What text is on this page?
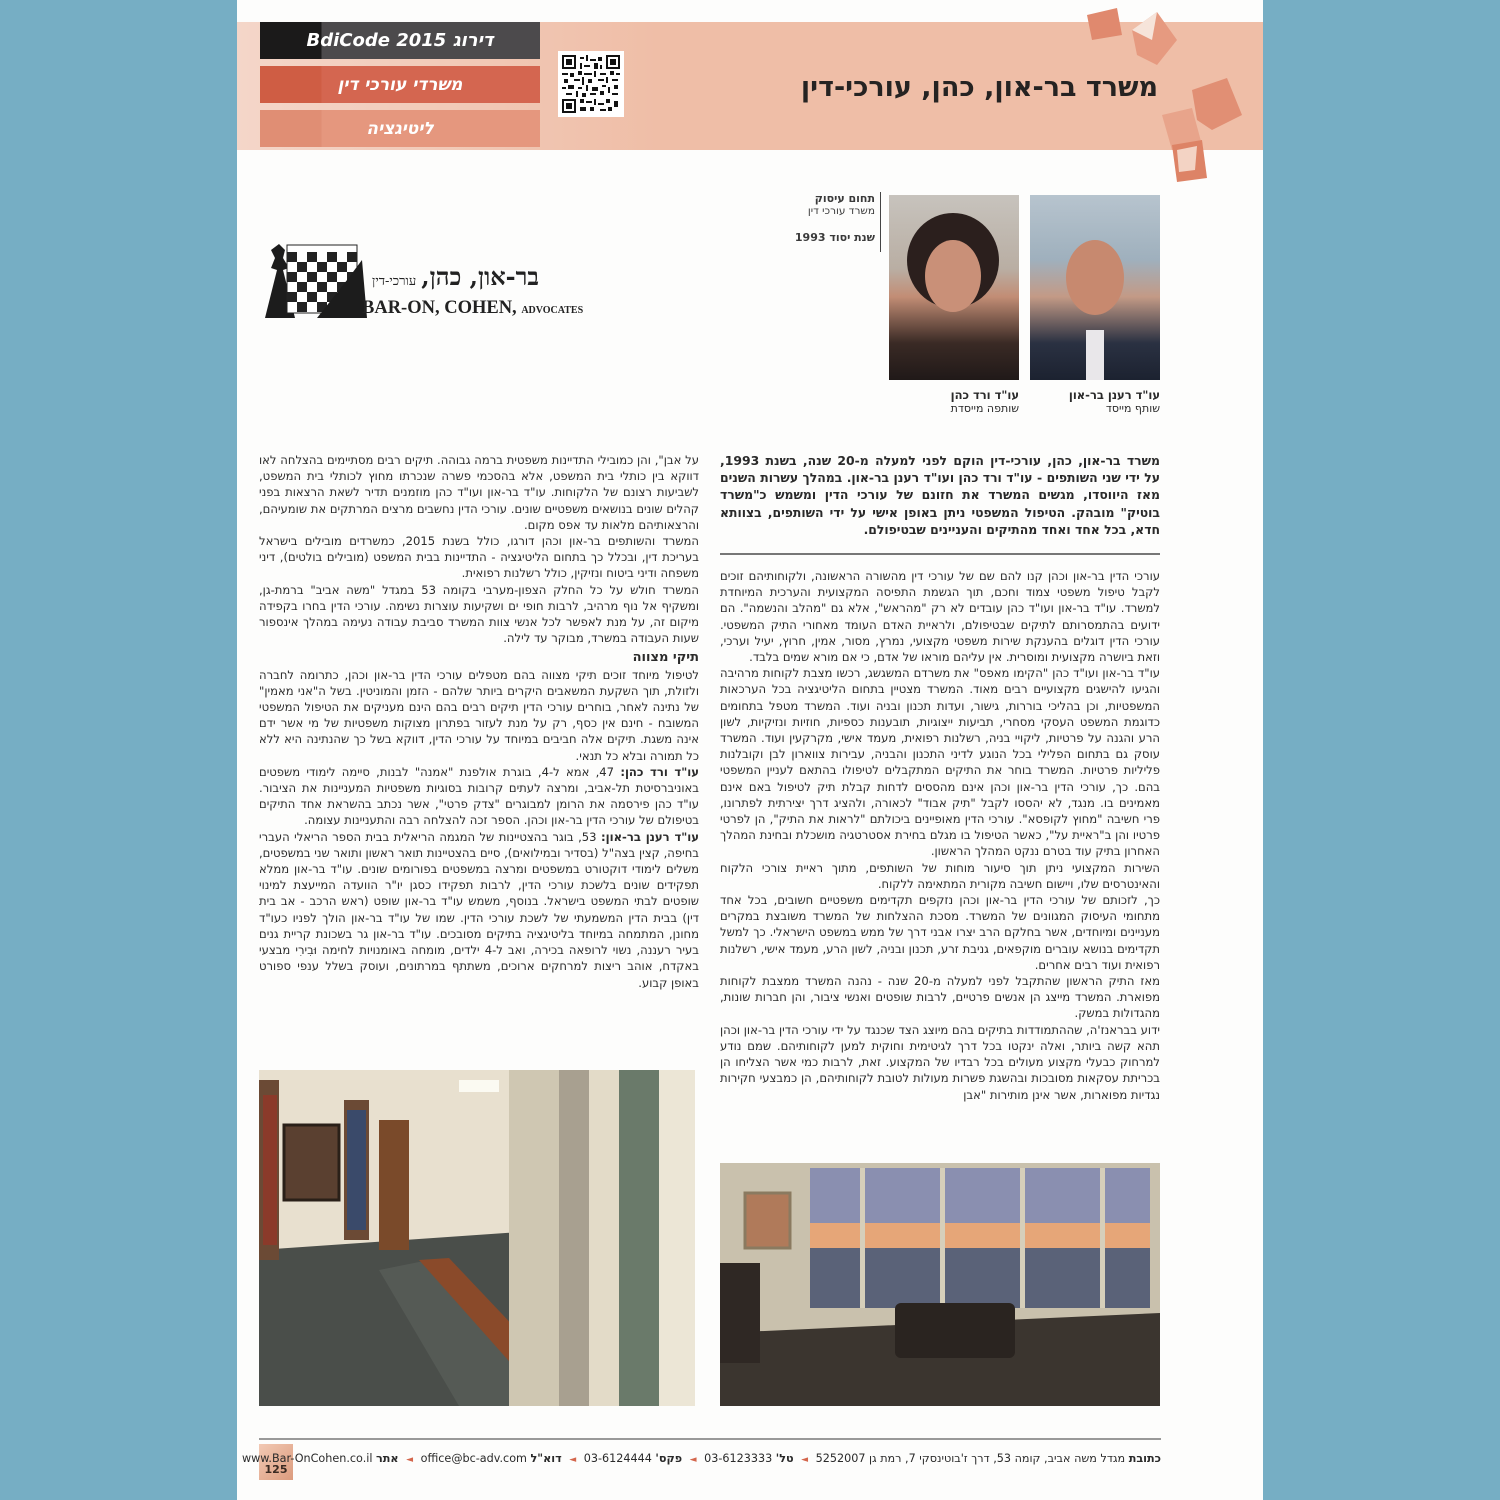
דירוג BdiCode 2015
משרדי עורכי דין
ליטיגציה
משרד בר-און, כהן, עורכי-דין
תחום עיסוק
משרד עורכי דין
שנת יסוד 1993
עו"ד רענן בר-און
שותף מייסד
עו"ד ורד כהן
שותפה מייסדת
בר-און, כהן, עורכי-דין
BAR-ON, COHEN, ADVOCATES
משרד בר-און, כהן, עורכי-דין הוקם לפני למעלה מ-20 שנה, בשנת 1993, על ידי שני השותפים - עו"ד ורד כהן ועו"ד רענן בר-און. במהלך עשרות השנים מאז היווסדו, מגשים המשרד את חזונם של עורכי הדין ומשמש כ"משרד בוטיק" מובהק. הטיפול המשפטי ניתן באופן אישי על ידי השותפים, בצוותא חדא, בכל אחד ואחד מהתיקים והעניינים שבטיפולם.

עורכי הדין בר-און וכהן קנו להם שם של עורכי דין מהשורה הראשונה, ולקוחותיהם זוכים לקבל טיפול משפטי צמוד וחכם, תוך הגשמת התפיסה המקצועית והערכית המיוחדת למשרד. עו"ד בר-און ועו"ד כהן עובדים לא רק "מהראש", אלא גם "מהלב והנשמה". הם ידועים בהתמסרותם לתיקים שבטיפולם, ולראיית האדם העומד מאחורי התיק המשפטי. עורכי הדין דוגלים בהענקת שירות משפטי מקצועי, נמרץ, מסור, אמין, חרוץ, יעיל וערכי, וזאת ביושרה מקצועית ומוסרית. אין עליהם מוראו של אדם, כי אם מורא שמים בלבד.

עו"ד בר-און ועו"ד כהן "הקימו מאפס" את משרדם המשגשג, רכשו מצבת לקוחות מרהיבה והגיעו להישגים מקצועיים רבים מאוד. המשרד מצטיין בתחום הליטיגציה בכל הערכאות המשפטיות, וכן בהליכי בוררות, גישור, ועדות תכנון ובניה ועוד. המשרד מטפל בתחומים כדוגמת המשפט העסקי מסחרי, תביעות ייצוגיות, תובענות כספיות, חוזיות ונזיקיות, לשון הרע והגנה על פרטיות, ליקויי בניה, רשלנות רפואית, מעמד אישי, מקרקעין ועוד. המשרד עוסק גם בתחום הפלילי בכל הנוגע לדיני התכנון והבניה, עבירות צווארון לבן וקובלנות פליליות פרטיות. המשרד בוחר את התיקים המתקבלים לטיפולו בהתאם לעניין המשפטי בהם. כך, עורכי הדין בר-און וכהן אינם מהססים לדחות קבלת תיק לטיפול באם אינם מאמינים בו. מנגד, לא יהססו לקבל "תיק אבוד" לכאורה, ולהציג דרך יצירתית לפתרונו, פרי חשיבה "מחוץ לקופסא". עורכי הדין מאופיינים ביכולתם "לראות את התיק", הן לפרטי פרטיו והן ב"ראיית על", כאשר הטיפול בו מגלם בחירת אסטרטגיה מושכלת ובחינת המהלך האחרון בתיק עוד בטרם ננקט המהלך הראשון.

השירות המקצועי ניתן תוך סיעור מוחות של השותפים, מתוך ראיית צורכי הלקוח והאינטרסים שלו, ויישום חשיבה מקורית המתאימה ללקוח.

כך, לזכותם של עורכי הדין בר-און וכהן נזקפים תקדימים משפטיים חשובים, בכל אחד מתחומי העיסוק המגוונים של המשרד. מסכת ההצלחות של המשרד משובצת במקרים מעניינים ומיוחדים, אשר בחלקם הרב יצרו אבני דרך של ממש במשפט הישראלי. כך למשל תקדימים בנושא עוברים מוקפאים, גניבת זרע, תכנון ובניה, לשון הרע, מעמד אישי, רשלנות רפואית ועוד רבים אחרים.

מאז התיק הראשון שהתקבל לפני למעלה מ-20 שנה - נהנה המשרד ממצבת לקוחות מפוארת. המשרד מייצג הן אנשים פרטיים, לרבות שופטים ואנשי ציבור, והן חברות שונות, מהגדולות במשק.

ידוע בבראנז'ה, שההתמודדות בתיקים בהם מיוצג הצד שכנגד על ידי עורכי הדין בר-און וכהן תהא קשה ביותר, ואלה ינקטו בכל דרך לגיטימית וחוקית למען לקוחותיהם. שמם נודע למרחוק כבעלי מקצוע מעולים בכל רבדיו של המקצוע. זאת, לרבות כמי אשר הצליחו הן בכריתת עסקאות מסובכות ובהשגת פשרות מעולות לטובת לקוחותיהם, הן כמבצעי חקירות נגדיות מפוארות, אשר אינן מותירות "אבן

על אבן", והן כמובילי התדיינות משפטית ברמה גבוהה. תיקים רבים מסתיימים בהצלחה לאו דווקא בין כותלי בית המשפט, אלא בהסכמי פשרה שנכרתו מחוץ לכותלי בית המשפט, לשביעות רצונם של הלקוחות. עו"ד בר-און ועו"ד כהן מוזמנים תדיר לשאת הרצאות בפני קהלים שונים בנושאים משפטיים שונים. עורכי הדין נחשבים מרצים המרתקים את שומעיהם, והרצאותיהם מלאות עד אפס מקום.

המשרד והשותפים בר-און וכהן דורגו, כולל בשנת 2015, כמשרדים מובילים בישראל בעריכת דין, ובכלל כך בתחום הליטיגציה - התדיינות בבית המשפט (מובילים בולטים), דיני משפחה ודיני ביטוח ונזיקין, כולל רשלנות רפואית.

המשרד חולש על כל החלק הצפון-מערבי בקומה 53 במגדל "משה אביב" ברמת-גן, ומשקיף אל נוף מרהיב, לרבות חופי ים ושקיעות עוצרות נשימה. עורכי הדין בחרו בקפידה מיקום זה, על מנת לאפשר לכל אנשי צוות המשרד סביבת עבודה נעימה במהלך אינספור שעות העבודה במשרד, מבוקר עד לילה.

תיקי מצווה

לטיפול מיוחד זוכים תיקי מצווה בהם מטפלים עורכי הדין בר-און וכהן, כתרומה לחברה ולזולת, תוך השקעת המשאבים היקרים ביותר שלהם - הזמן והמוניטין. בשל ה"אני מאמין" של נתינה לאחר, בוחרים עורכי הדין תיקים רבים בהם הינם מעניקים את הטיפול המשפטי המשובח - חינם אין כסף, רק על מנת לעזור בפתרון מצוקות משפטיות של מי אשר ידם אינה משגת. תיקים אלה חביבים במיוחד על עורכי הדין, דווקא בשל כך שהנתינה היא ללא כל תמורה ובלא כל תנאי.

עו"ד ורד כהן: 47, אמא ל-4, בוגרת אולפנת "אמנה" לבנות, סיימה לימודי משפטים באוניברסיטת תל-אביב, ומרצה לעתים קרובות בסוגיות משפטיות המעניינות את הציבור. עו"ד כהן פירסמה את הרומן למבוגרים "צדק פרטי", אשר נכתב בהשראת אחד התיקים בטיפולם של עורכי הדין בר-און וכהן. הספר זכה להצלחה רבה והתעניינות עצומה.

עו"ד רענן בר-און: 53, בוגר בהצטיינות של המגמה הריאלית בבית הספר הריאלי העברי בחיפה, קצין בצה"ל (בסדיר ובמילואים), סיים בהצטיינות תואר ראשון ותואר שני במשפטים, משלים לימודי דוקטורט במשפטים ומרצה במשפטים בפורומים שונים. עו"ד בר-און ממלא תפקידים שונים בלשכת עורכי הדין, לרבות תפקידו כסגן יו"ר הוועדה המייעצת למינוי שופטים לבתי המשפט בישראל. בנוסף, משמש עו"ד בר-און שופט (ראש הרכב - אב בית דין) בבית הדין המשמעתי של לשכת עורכי הדין. שמו של עו"ד בר-און הולך לפניו כעו"ד מחונן, המתמחה במיוחד בליטיגציה בתיקים מסובכים. עו"ד בר-און גר בשכונת קריית גנים בעיר רעננה, נשוי לרופאה בכירה, ואב ל-4 ילדים, מומחה באומנויות לחימה וּבִירִי מבצעי באקדח, אוהב ריצות למרחקים ארוכים, משתתף במרתונים, ועוסק בשלל ענפי ספורט באופן קבוע.

125
כתובת מגדל משה אביב, קומה 53, דרך ז'בוטינסקי 7, רמת גן 5252007 ◄ טל' 03-6123333 ◄ פקס' 03-6124444 ◄ דוא"ל office@bc-adv.com ◄ אתר www.Bar-OnCohen.co.il
